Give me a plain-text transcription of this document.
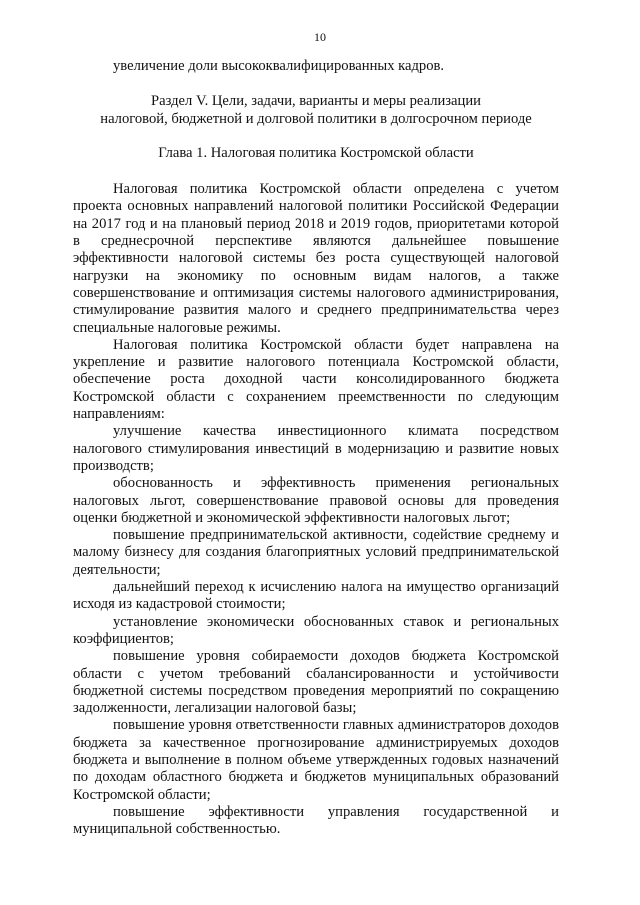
10

увеличение доли высококвалифицированных кадров.

Раздел V. Цели, задачи, варианты и меры реализации
налоговой, бюджетной и долговой политики в долгосрочном периоде
Глава 1. Налоговая политика Костромской области

Налоговая политика Костромской области определена с учетом проекта основных направлений налоговой политики Российской Федерации на 2017 год и на плановый период 2018 и 2019 годов, приоритетами которой в среднесрочной перспективе являются дальнейшее повышение эффективности налоговой системы без роста существующей налоговой нагрузки на экономику по основным видам налогов, а также совершенствование и оптимизация системы налогового администрирования, стимулирование развития малого и среднего предпринимательства через специальные налоговые режимы.

Налоговая политика Костромской области будет направлена на укрепление и развитие налогового потенциала Костромской области, обеспечение роста доходной части консолидированного бюджета Костромской области с сохранением преемственности по следующим направлениям:

улучшение качества инвестиционного климата посредством налогового стимулирования инвестиций в модернизацию и развитие новых производств;

обоснованность и эффективность применения региональных налоговых льгот, совершенствование правовой основы для проведения оценки бюджетной и экономической эффективности налоговых льгот;

повышение предпринимательской активности, содействие среднему и малому бизнесу для создания благоприятных условий предпринимательской деятельности;

дальнейший переход к исчислению налога на имущество организаций исходя из кадастровой стоимости;

установление экономически обоснованных ставок и региональных коэффициентов;

повышение уровня собираемости доходов бюджета Костромской области с учетом требований сбалансированности и устойчивости бюджетной системы посредством проведения мероприятий по сокращению задолженности, легализации налоговой базы;

повышение уровня ответственности главных администраторов доходов бюджета за качественное прогнозирование администрируемых доходов бюджета и выполнение в полном объеме утвержденных годовых назначений по доходам областного бюджета и бюджетов муниципальных образований Костромской области;

повышение эффективности управления государственной и муниципальной собственностью.
